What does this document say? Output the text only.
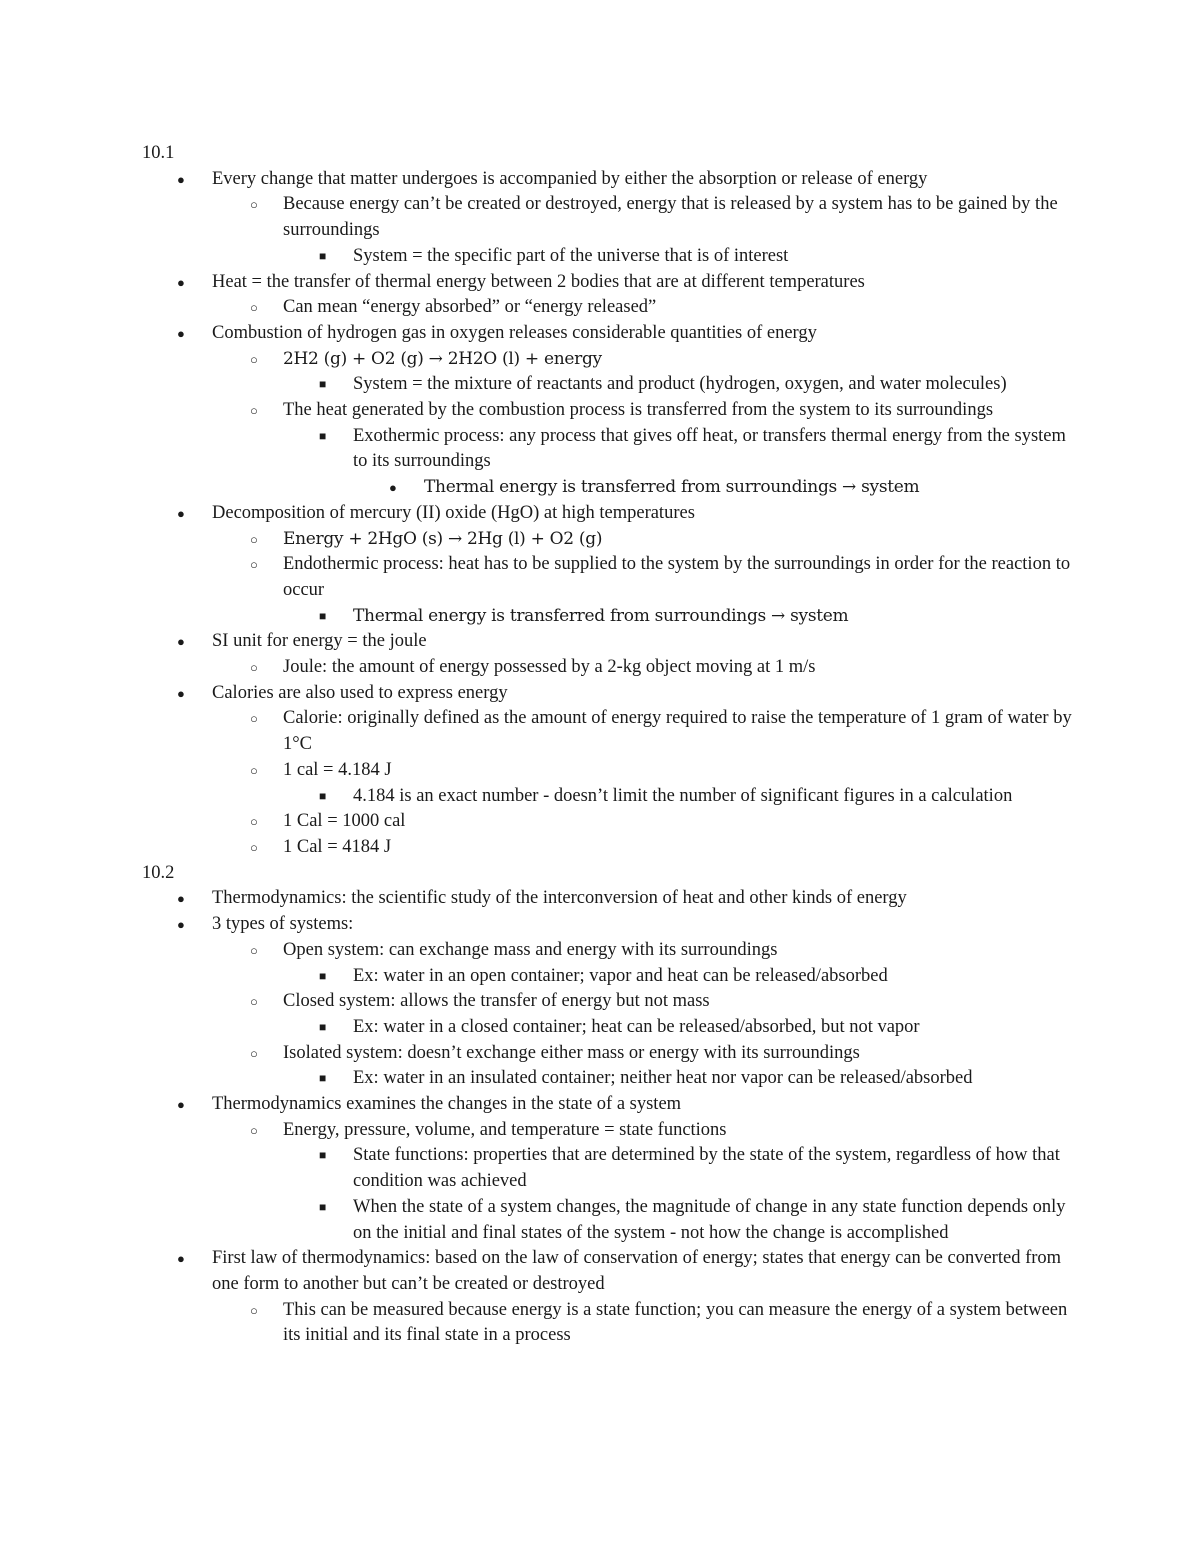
10.1
● Every change that matter undergoes is accompanied by either the absorption or release of energy
○ Because energy can’t be created or destroyed, energy that is released by a system has to be gained by the surroundings
■ System = the specific part of the universe that is of interest
● Heat = the transfer of thermal energy between 2 bodies that are at different temperatures
○ Can mean “energy absorbed” or “energy released”
● Combustion of hydrogen gas in oxygen releases considerable quantities of energy
○ 2H2 (g) + O2 (g) → 2H2O (l) + energy
■ System = the mixture of reactants and product (hydrogen, oxygen, and water molecules)
○ The heat generated by the combustion process is transferred from the system to its surroundings
■ Exothermic process: any process that gives off heat, or transfers thermal energy from the system to its surroundings
● Thermal energy is transferred from surroundings → system
● Decomposition of mercury (II) oxide (HgO) at high temperatures
○ Energy + 2HgO (s) → 2Hg (l) + O2 (g)
○ Endothermic process: heat has to be supplied to the system by the surroundings in order for the reaction to occur
■ Thermal energy is transferred from surroundings → system
● SI unit for energy = the joule
○ Joule: the amount of energy possessed by a 2-kg object moving at 1 m/s
● Calories are also used to express energy
○ Calorie: originally defined as the amount of energy required to raise the temperature of 1 gram of water by 1°C
○ 1 cal = 4.184 J
■ 4.184 is an exact number - doesn’t limit the number of significant figures in a calculation
○ 1 Cal = 1000 cal
○ 1 Cal = 4184 J
10.2
● Thermodynamics: the scientific study of the interconversion of heat and other kinds of energy
● 3 types of systems:
○ Open system: can exchange mass and energy with its surroundings
■ Ex: water in an open container; vapor and heat can be released/absorbed
○ Closed system: allows the transfer of energy but not mass
■ Ex: water in a closed container; heat can be released/absorbed, but not vapor
○ Isolated system: doesn’t exchange either mass or energy with its surroundings
■ Ex: water in an insulated container; neither heat nor vapor can be released/absorbed
● Thermodynamics examines the changes in the state of a system
○ Energy, pressure, volume, and temperature = state functions
■ State functions: properties that are determined by the state of the system, regardless of how that condition was achieved
■ When the state of a system changes, the magnitude of change in any state function depends only on the initial and final states of the system - not how the change is accomplished
● First law of thermodynamics: based on the law of conservation of energy; states that energy can be converted from one form to another but can’t be created or destroyed
○ This can be measured because energy is a state function; you can measure the energy of a system between its initial and its final state in a process
